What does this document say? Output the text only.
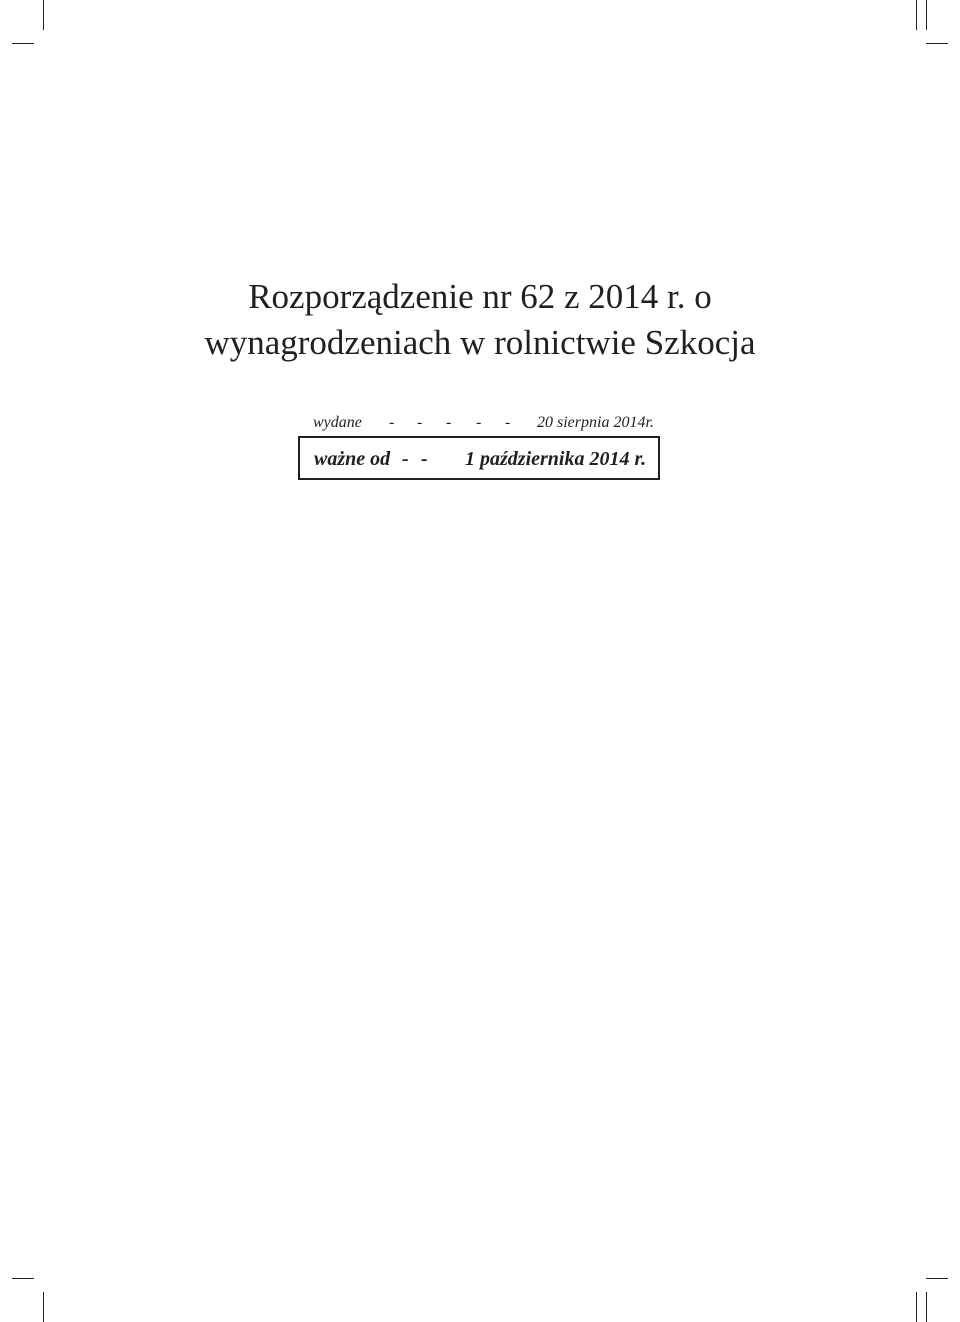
Rozporządzenie nr 62 z 2014 r. o
wynagrodzeniach w rolnictwie Szkocja
wydane - - - - - 20 sierpnia 2014r.
ważne od - - 1 października 2014 r.
